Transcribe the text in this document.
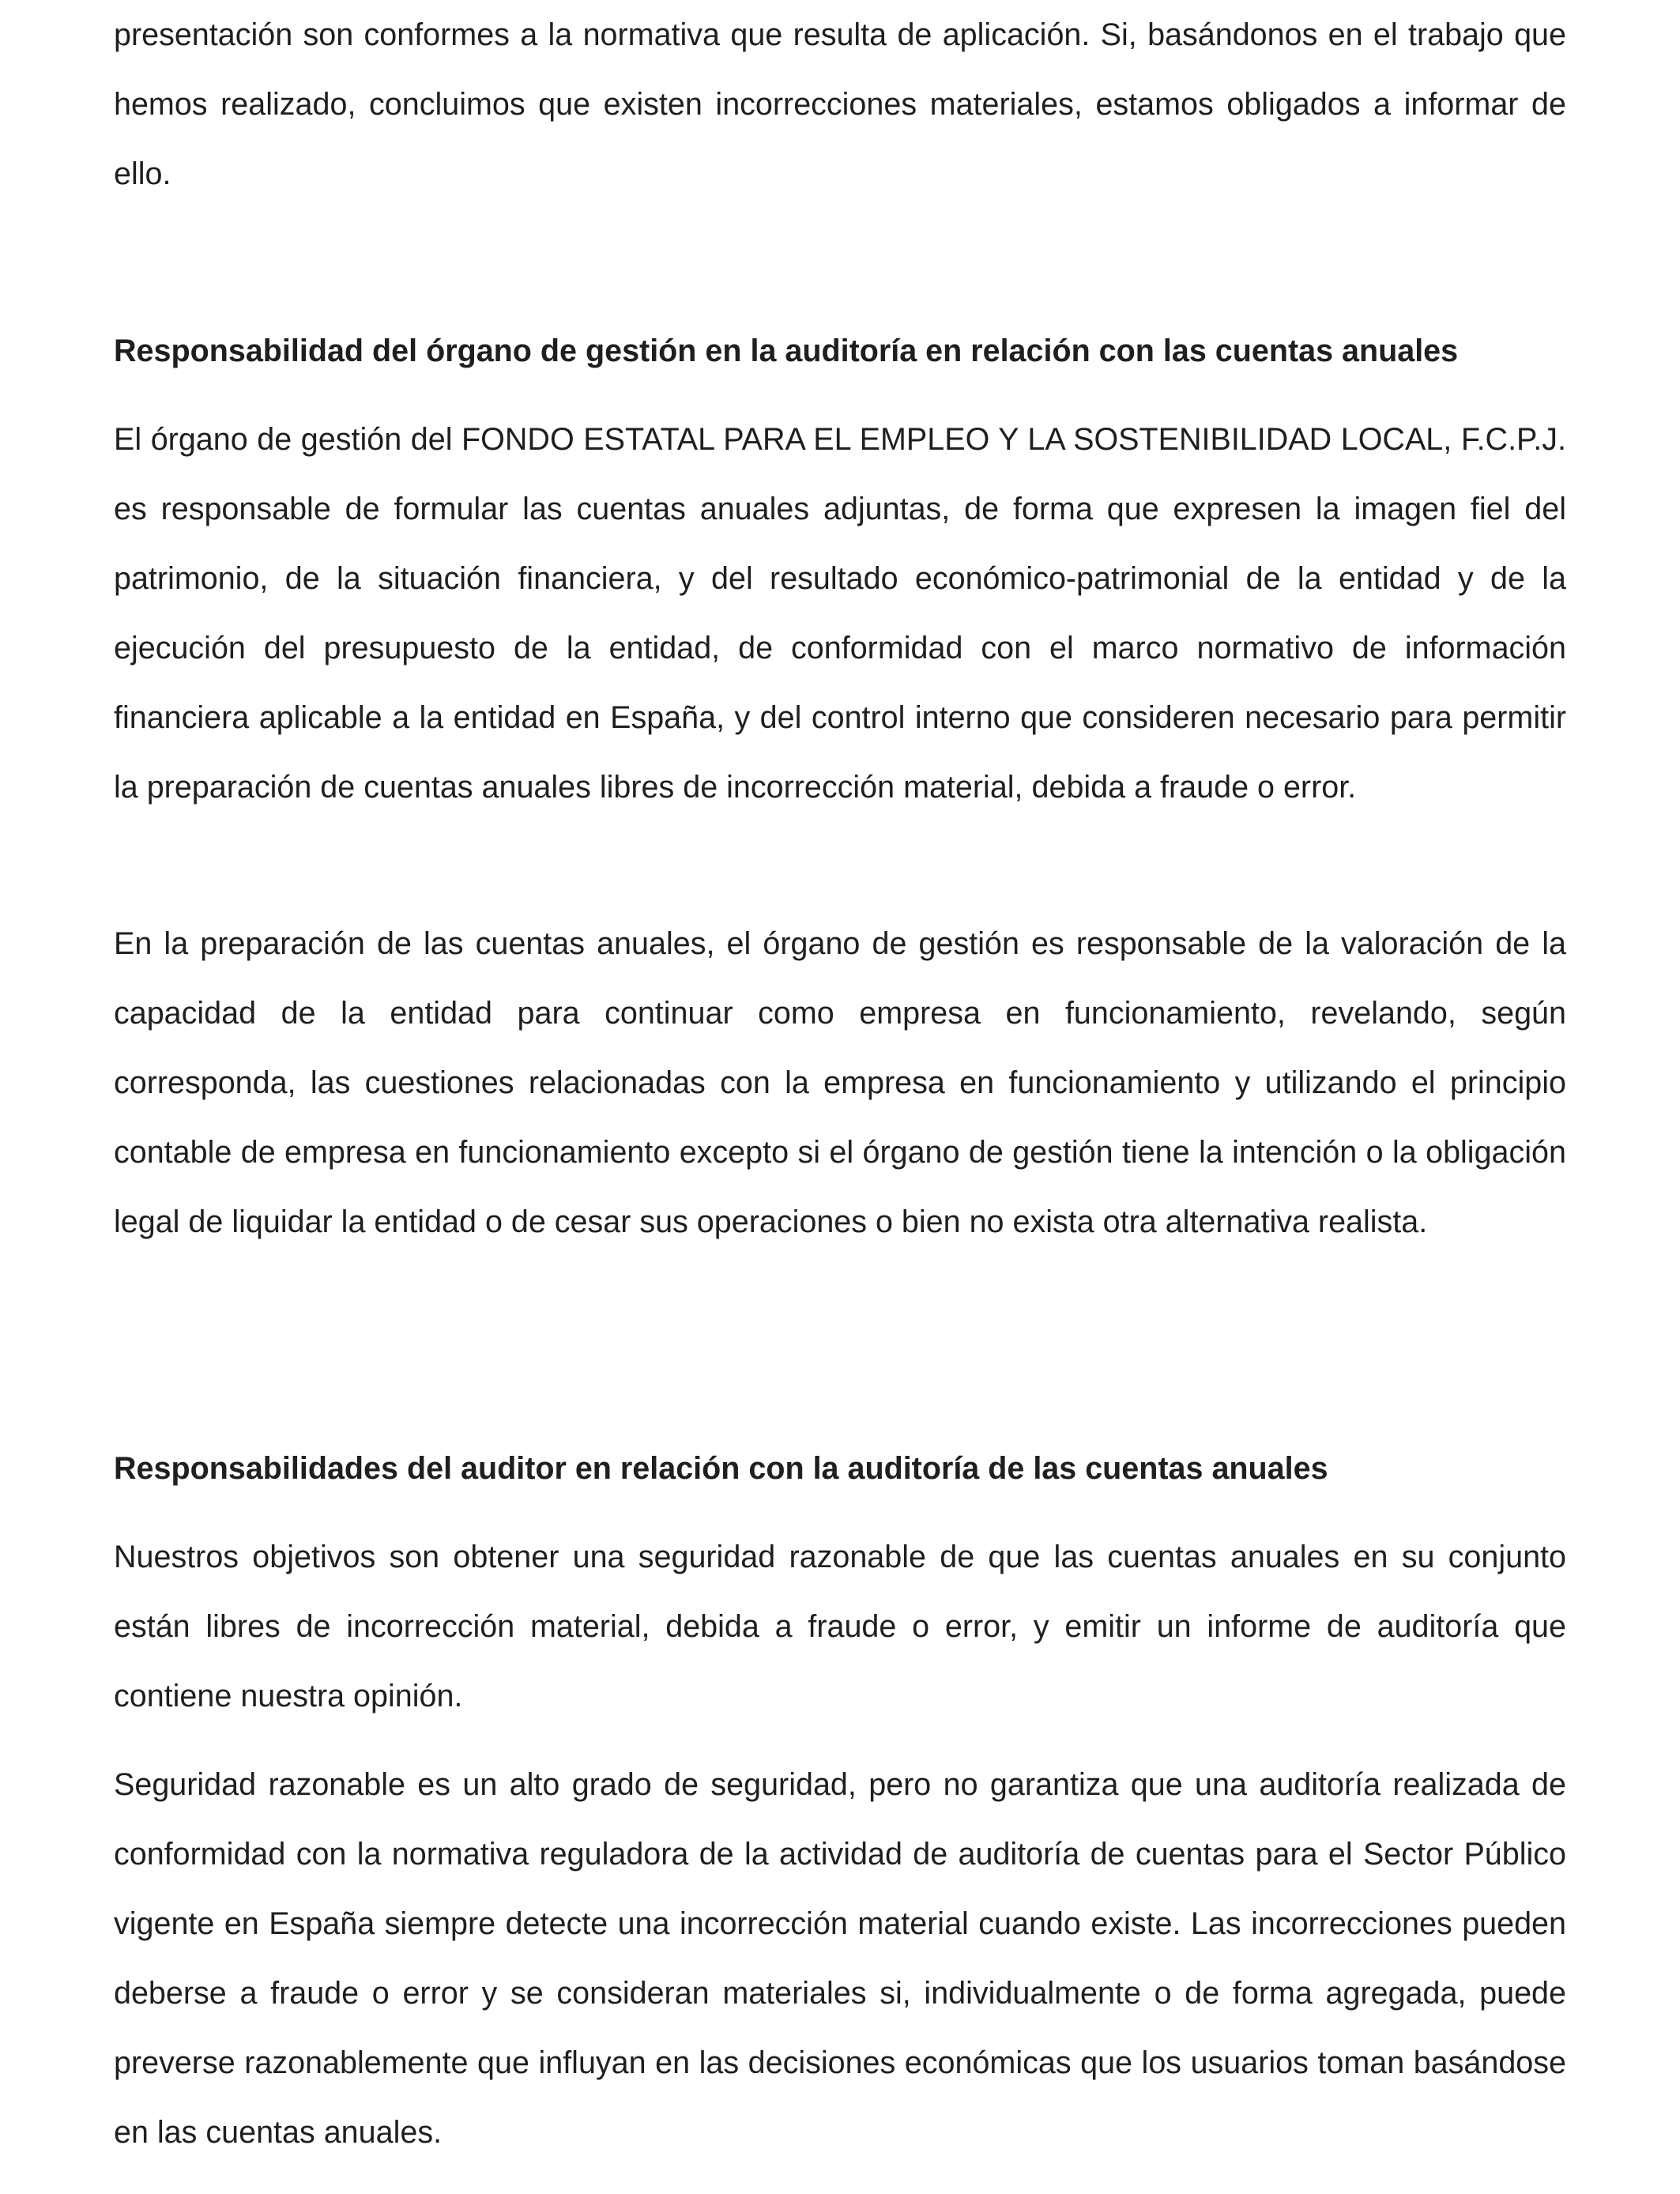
presentación son conformes a la normativa que resulta de aplicación. Si, basándonos en el trabajo que hemos realizado, concluimos que existen incorrecciones materiales, estamos obligados a informar de ello.

Responsabilidad del órgano de gestión en la auditoría en relación con las cuentas anuales

El órgano de gestión del FONDO ESTATAL PARA EL EMPLEO Y LA SOSTENIBILIDAD LOCAL, F.C.P.J. es responsable de formular las cuentas anuales adjuntas, de forma que expresen la imagen fiel del patrimonio, de la situación financiera, y del resultado económico-patrimonial de la entidad y de la ejecución del presupuesto de la entidad, de conformidad con el marco normativo de información financiera aplicable a la entidad en España, y del control interno que consideren necesario para permitir la preparación de cuentas anuales libres de incorrección material, debida a fraude o error.

En la preparación de las cuentas anuales, el órgano de gestión es responsable de la valoración de la capacidad de la entidad para continuar como empresa en funcionamiento, revelando, según corresponda, las cuestiones relacionadas con la empresa en funcionamiento y utilizando el principio contable de empresa en funcionamiento excepto si el órgano de gestión tiene la intención o la obligación legal de liquidar la entidad o de cesar sus operaciones o bien no exista otra alternativa realista.

Responsabilidades del auditor en relación con la auditoría de las cuentas anuales

Nuestros objetivos son obtener una seguridad razonable de que las cuentas anuales en su conjunto están libres de incorrección material, debida a fraude o error, y emitir un informe de auditoría que contiene nuestra opinión.

Seguridad razonable es un alto grado de seguridad, pero no garantiza que una auditoría realizada de conformidad con la normativa reguladora de la actividad de auditoría de cuentas para el Sector Público vigente en España siempre detecte una incorrección material cuando existe. Las incorrecciones pueden deberse a fraude o error y se consideran materiales si, individualmente o de forma agregada, puede preverse razonablemente que influyan en las decisiones económicas que los usuarios toman basándose en las cuentas anuales.
